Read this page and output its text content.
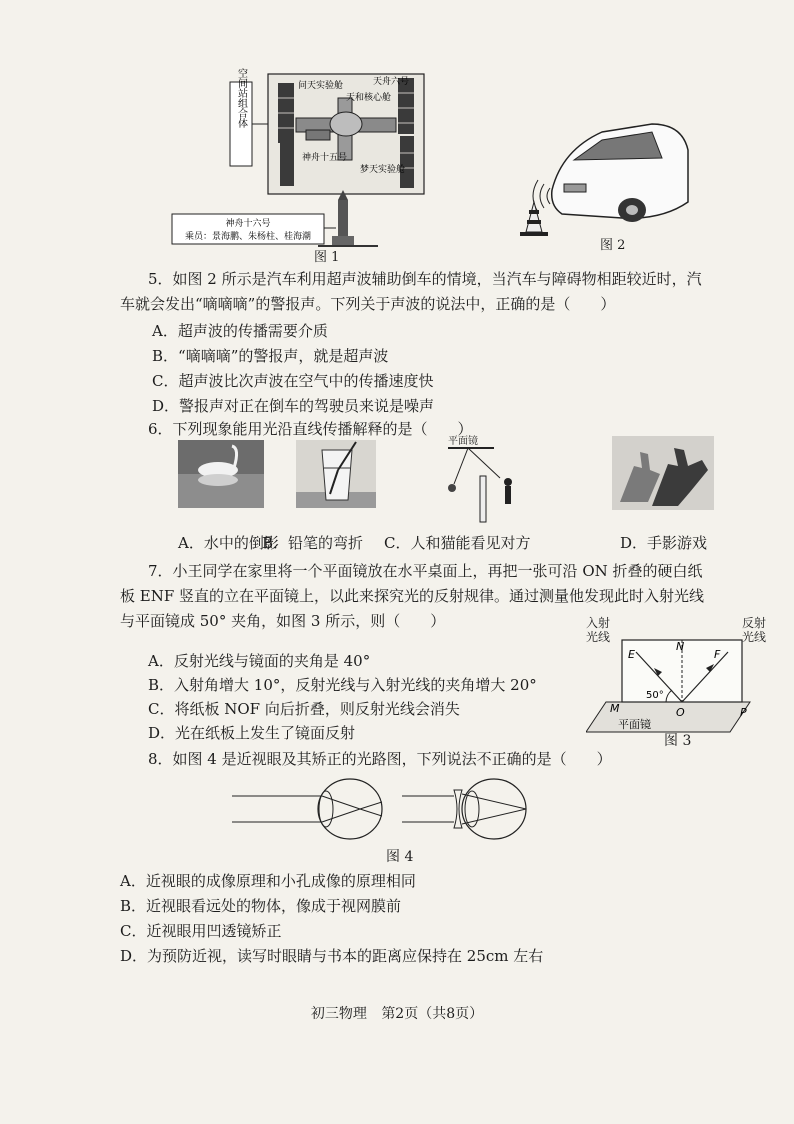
空间站组合体	问天实验舱	天舟六号
天和核心舱
神舟十五号
梦天实验舱
神舟十六号
乘员：景海鹏、朱杨柱、桂海潮
图 1
图 2
5．如图 2 所示是汽车利用超声波辅助倒车的情境，当汽车与障碍物相距较近时，汽
车就会发出“嘀嘀嘀”的警报声。下列关于声波的说法中，正确的是（　　）
A．超声波的传播需要介质
B．“嘀嘀嘀”的警报声，就是超声波
C．超声波比次声波在空气中的传播速度快
D．警报声对正在倒车的驾驶员来说是噪声
6．下列现象能用光沿直线传播解释的是（　　）
平面镜
A．水中的倒影
B．铅笔的弯折 C．人和猫能看见对方	D．手影游戏
7．小王同学在家里将一个平面镜放在水平桌面上，再把一张可沿 ON 折叠的硬白纸
板 ENF 竖直的立在平面镜上，以此来探究光的反射规律。通过测量他发现此时入射光线
与平面镜成 50° 夹角，如图 3 所示，则（　　）
A．反射光线与镜面的夹角是 40°
B．入射角增大 10°，反射光线与入射光线的夹角增大 20°
C．将纸板 NOF 向后折叠，则反射光线会消失
D．光在纸板上发生了镜面反射
E
N
F
M	O	P
50°
平面镜
入射
光线
反射
光线
图 3
8．如图 4 是近视眼及其矫正的光路图，下列说法不正确的是（　　）
图 4
A．近视眼的成像原理和小孔成像的原理相同
B．近视眼看远处的物体，像成于视网膜前
C．近视眼用凹透镜矫正
D．为预防近视，读写时眼睛与书本的距离应保持在 25cm 左右
初三物理 第2页（共8页）
